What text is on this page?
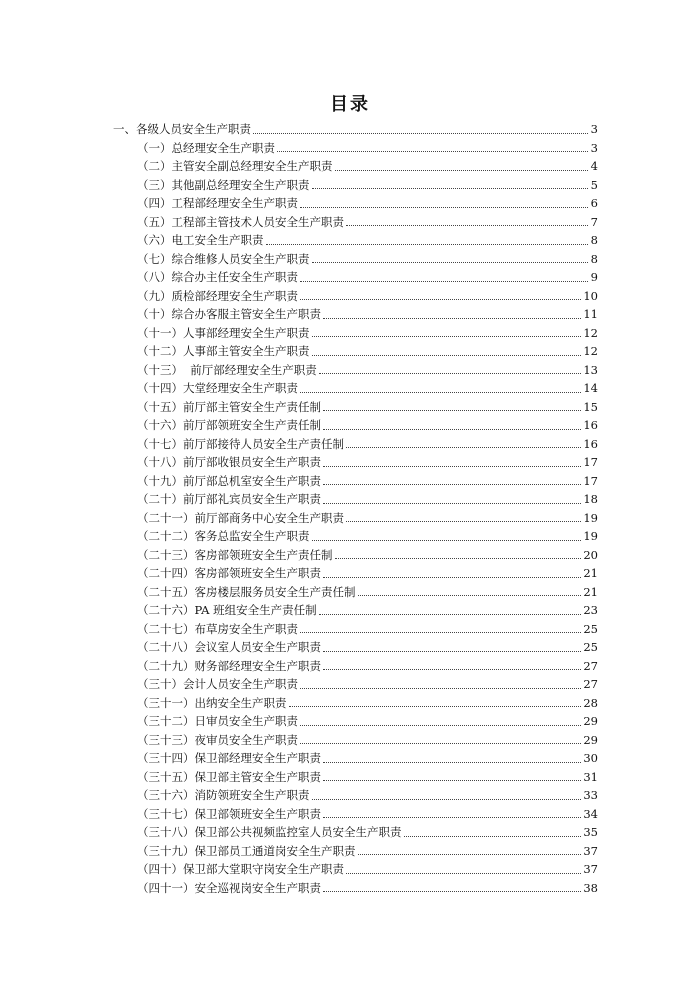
目录
一、各级人员安全生产职责	3
（一）总经理安全生产职责	3
（二）主管安全副总经理安全生产职责	4
（三）其他副总经理安全生产职责	5
（四）工程部经理安全生产职责	6
（五）工程部主管技术人员安全生产职责	7
（六）电工安全生产职责	8
（七）综合维修人员安全生产职责	8
（八）综合办主任安全生产职责	9
（九）质检部经理安全生产职责	10
（十）综合办客服主管安全生产职责	11
（十一）人事部经理安全生产职责	12
（十二）人事部主管安全生产职责	12
（十三）  前厅部经理安全生产职责	13
（十四）大堂经理安全生产职责	14
（十五）前厅部主管安全生产责任制	15
（十六）前厅部领班安全生产责任制	16
（十七）前厅部接待人员安全生产责任制	16
（十八）前厅部收银员安全生产职责	17
（十九）前厅部总机室安全生产职责	17
（二十）前厅部礼宾员安全生产职责	18
（二十一）前厅部商务中心安全生产职责	19
（二十二）客务总监安全生产职责	19
（二十三）客房部领班安全生产责任制	20
（二十四）客房部领班安全生产职责	21
（二十五）客房楼层服务员安全生产责任制	21
（二十六）PA 班组安全生产责任制	23
（二十七）布草房安全生产职责	25
（二十八）会议室人员安全生产职责	25
（二十九）财务部经理安全生产职责	27
（三十）会计人员安全生产职责	27
（三十一）出纳安全生产职责	28
（三十二）日审员安全生产职责	29
（三十三）夜审员安全生产职责	29
（三十四）保卫部经理安全生产职责	30
（三十五）保卫部主管安全生产职责	31
（三十六）消防领班安全生产职责	33
（三十七）保卫部领班安全生产职责	34
（三十八）保卫部公共视频监控室人员安全生产职责	35
（三十九）保卫部员工通道岗安全生产职责	37
（四十）保卫部大堂职守岗安全生产职责	37
（四十一）安全巡视岗安全生产职责	38
